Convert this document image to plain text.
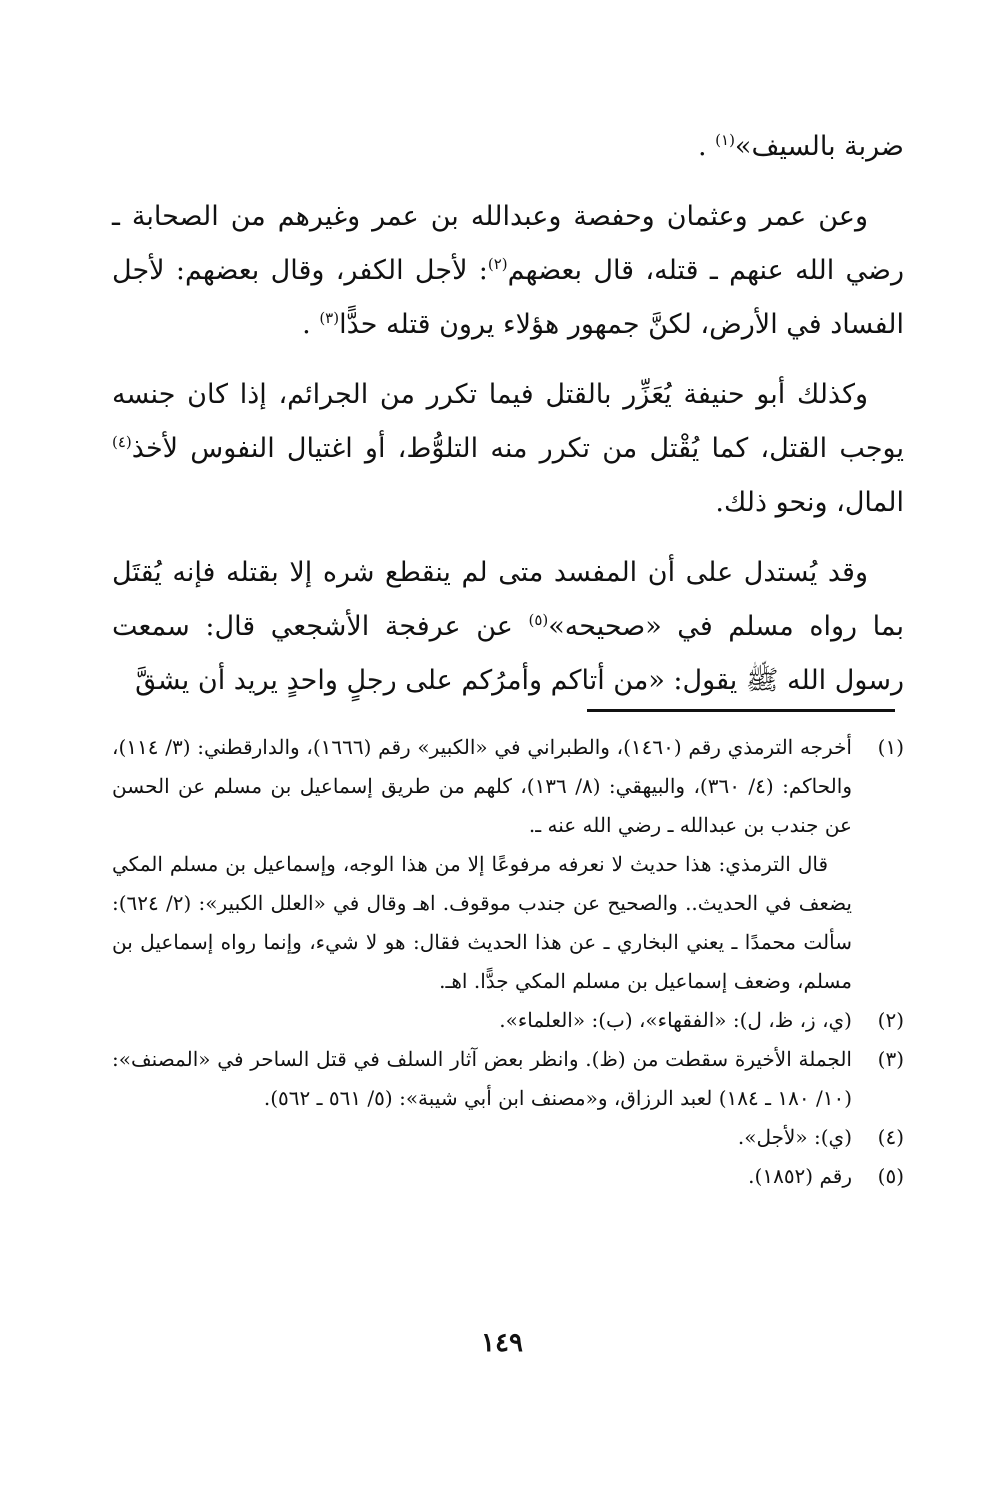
ضربة بالسيف»$^{(١)}$ .

وعن عمر وعثمان وحفصة وعبدالله بن عمر وغيرهم من الصحابة ـ رضي الله عنهم ـ قتله، قال بعضهم$^{(٢)}$: لأجل الكفر، وقال بعضهم: لأجل الفساد في الأرض، لكنَّ جمهور هؤلاء يرون قتله حدًّا$^{(٣)}$ .

وكذلك أبو حنيفة يُعَزِّر بالقتل فيما تكرر من الجرائم، إذا كان جنسه يوجب القتل، كما يُقْتل من تكرر منه التلوُّط، أو اغتيال النفوس لأخذ$^{(٤)}$ المال، ونحو ذلك.

وقد يُستدل على أن المفسد متى لم ينقطع شره إلا بقتله فإنه يُقتَل بما رواه مسلم في «صحيحه»$^{(٥)}$ عن عرفجة الأشجعي قال: سمعت رسول الله ﷺ يقول: «من أتاكم وأمرُكم على رجلٍ واحدٍ يريد أن يشقَّ

(١)
أخرجه الترمذي رقم (١٤٦٠)، والطبراني في «الكبير» رقم (١٦٦٦)، والدارقطني: (٣/ ١١٤)، والحاكم: (٤/ ٣٦٠)، والبيهقي: (٨/ ١٣٦)، كلهم من طريق إسماعيل بن مسلم عن الحسن عن جندب بن عبدالله ـ رضي الله عنه ـ.
قال الترمذي: هذا حديث لا نعرفه مرفوعًا إلا من هذا الوجه، وإسماعيل بن مسلم المكي يضعف في الحديث.. والصحيح عن جندب موقوف. اهـ وقال في «العلل الكبير»: (٢/ ٦٢٤): سألت محمدًا ـ يعني البخاري ـ عن هذا الحديث فقال: هو لا شيء، وإنما رواه إسماعيل بن مسلم، وضعف إسماعيل بن مسلم المكي جدًّا. اهـ.
(٢)
(ي، ز، ظ، ل): «الفقهاء»، (ب): «العلماء».
(٣)
الجملة الأخيرة سقطت من (ظ). وانظر بعض آثار السلف في قتل الساحر في «المصنف»: (١٠/ ١٨٠ ـ ١٨٤) لعبد الرزاق، و«مصنف ابن أبي شيبة»: (٥/ ٥٦١ ـ ٥٦٢).
(٤)
(ي): «لأجل».
(٥)
رقم (١٨٥٢).
١٤٩
